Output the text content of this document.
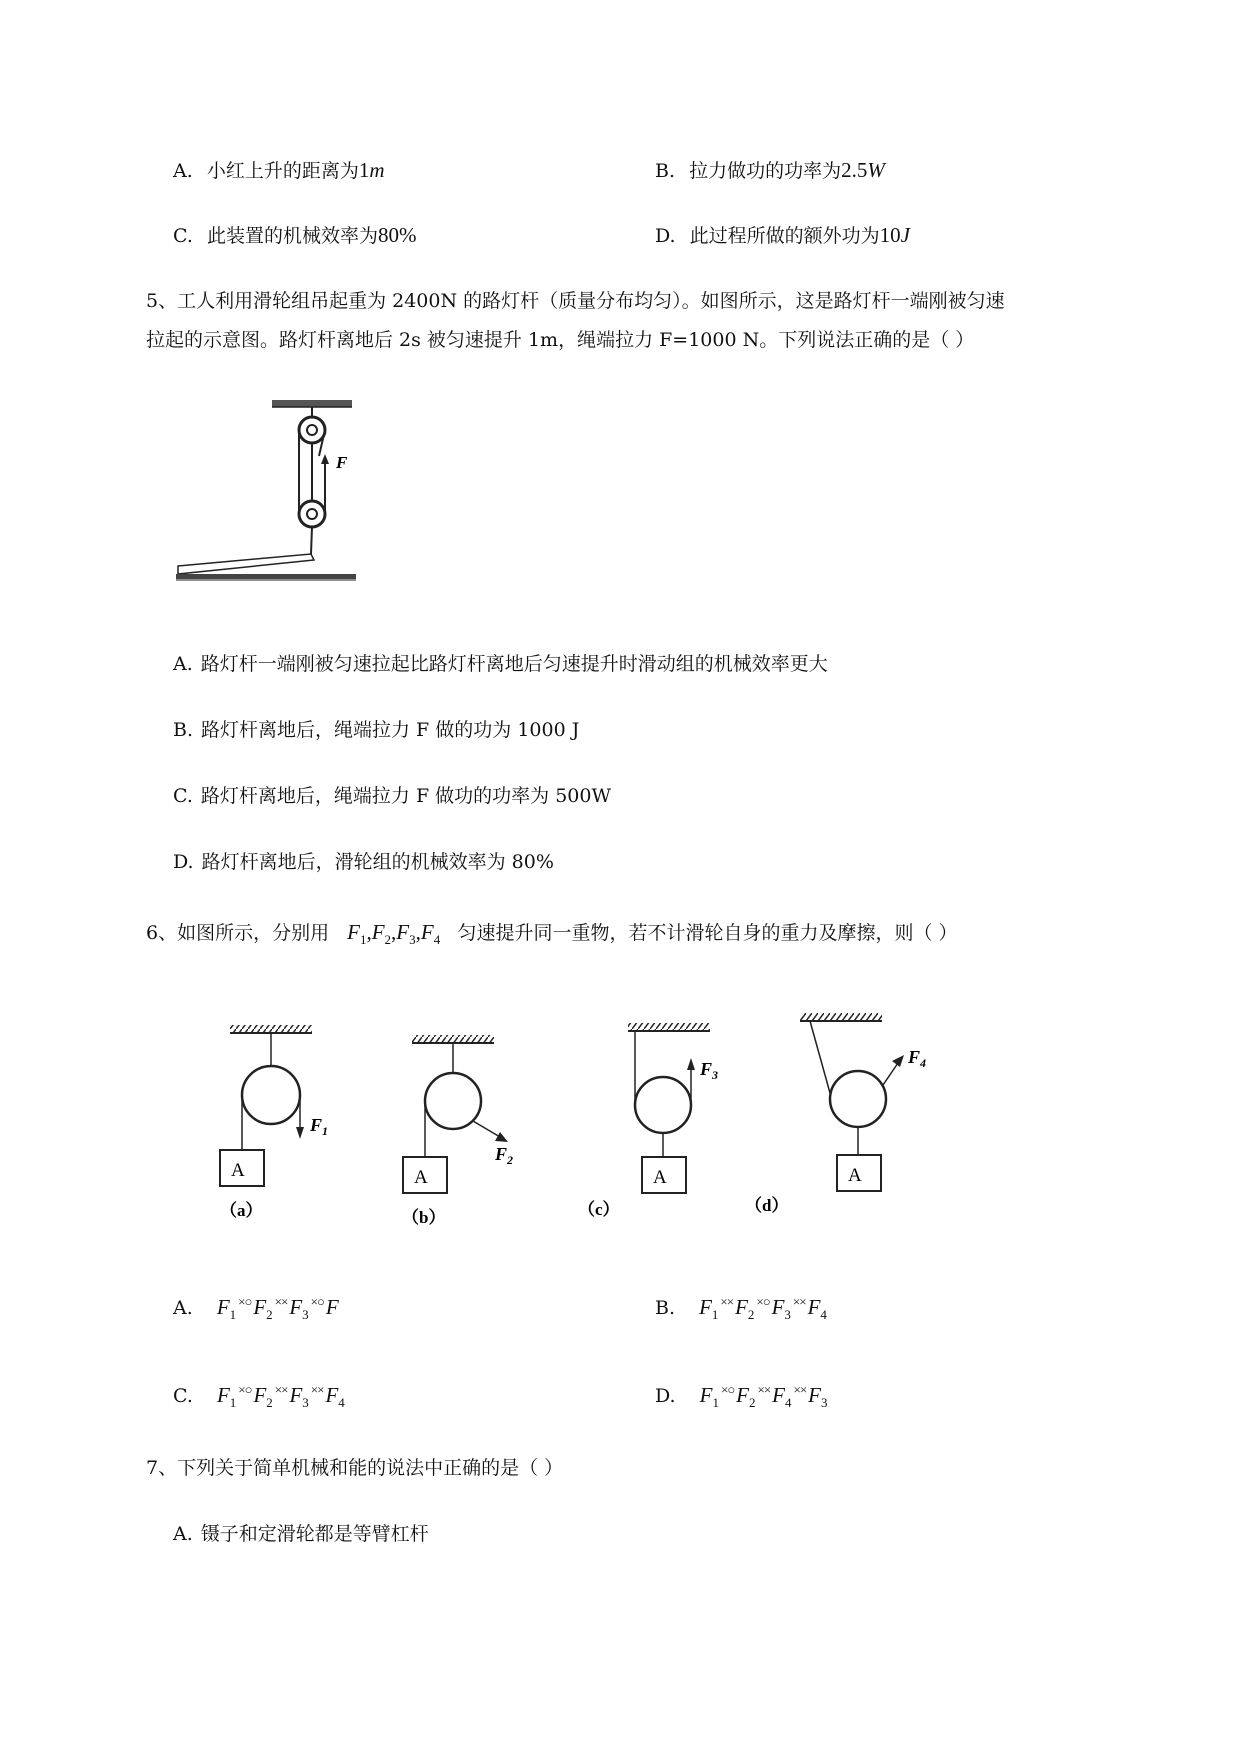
A. 小红上升的距离为1m	B. 拉力做功的功率为2.5W
C. 此装置的机械效率为80%	D. 此过程所做的额外功为10J
5、工人利用滑轮组吊起重为 2400N 的路灯杆（质量分布均匀）。如图所示，这是路灯杆一端刚被匀速
拉起的示意图。路灯杆离地后 2s 被匀速提升 1m，绳端拉力 F=1000 N。下列说法正确的是（ ）
F
A. 路灯杆一端刚被匀速拉起比路灯杆离地后匀速提升时滑动组的机械效率更大
B. 路灯杆离地后，绳端拉力 F 做的功为 1000 J
C. 路灯杆离地后，绳端拉力 F 做功的功率为 500W
D. 路灯杆离地后，滑轮组的机械效率为 80%
6、如图所示，分别用 $F_1,F_2,F_3,F_4$ 匀速提升同一重物，若不计滑轮自身的重力及摩擦，则（ ）
$F_1$
A
（a）
$F_2$
A
（b）
$F_3$
A
（c）
$F_4$
A
（d）
A. $F_1^{\times○}F_2^{\times\times}F_3^{\times○}F$	B. $F_1^{\times\times}F_2^{\times○}F_3^{\times\times}F_4$
C. $F_1^{\times○}F_2^{\times\times}F_3^{\times\times}F_4$	D. $F_1^{\times○}F_2^{\times\times}F_4^{\times\times}F_3$
7、下列关于简单机械和能的说法中正确的是（ ）
A. 镊子和定滑轮都是等臂杠杆
